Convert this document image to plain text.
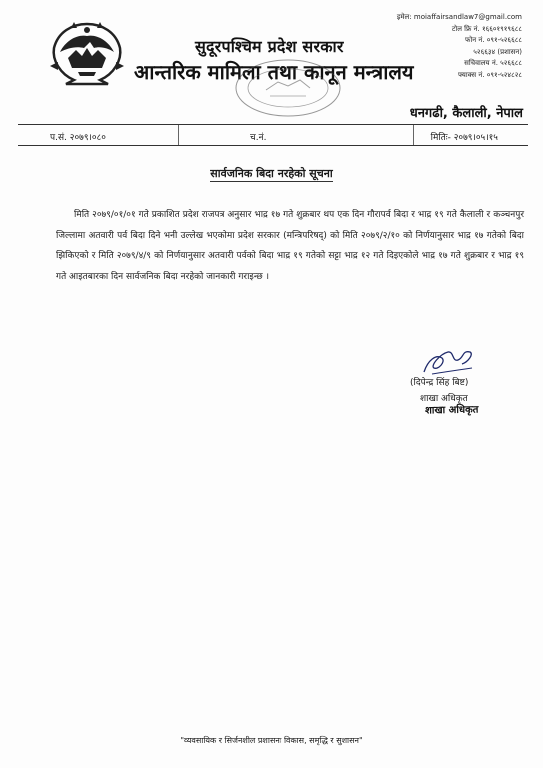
सुदूरपश्चिम प्रदेश सरकार
आन्तरिक मामिला तथा कानून मन्त्रालय
इमेल: moiaffairsandlaw7@gmail.com
टोल फ्रि नं. १६६०१९१९६८८
फोन नं. ०९१-५२६६८८
५२६६३४ (प्रशासन)
सचिवालय नं. ५२६६८८
फ्याक्स नं. ०९१-५२४८२८
धनगढी, कैलाली, नेपाल
प.सं. २०७९।०८०	च.नं.	मितिः- २०७९।०५।१५
सार्वजनिक बिदा नरहेको सूचना
मिति २०७९/०१/०१ गते प्रकाशित प्रदेश राजपत्र अनुसार भाद्र १७ गते शुक्रबार थप एक दिन गौरापर्व बिदा र भाद्र १९ गते कैलाली र कञ्चनपुर जिल्लामा अतवारी पर्व बिदा दिने भनी उल्लेख भएकोमा प्रदेश सरकार (मन्त्रिपरिषद्) को मिति २०७९/२/१० को निर्णयानुसार भाद्र १७ गतेको बिदा झिकिएको र मिति २०७९/४/९ को निर्णयानुसार अतवारी पर्वको बिदा भाद्र १९ गतेको सट्टा भाद्र १२ गते दिइएकोले भाद्र १७ गते शुक्रबार र भाद्र १९ गते आइतबारका दिन सार्वजनिक बिदा नरहेको जानकारी गराइन्छ ।
(दिपेन्द्र सिंह बिष्ट)
शाखा अधिकृत
शाखा अधिकृत
"व्यवसायिक र सिर्जनशील प्रशासनः विकास, समृद्धि र सुशासन"
